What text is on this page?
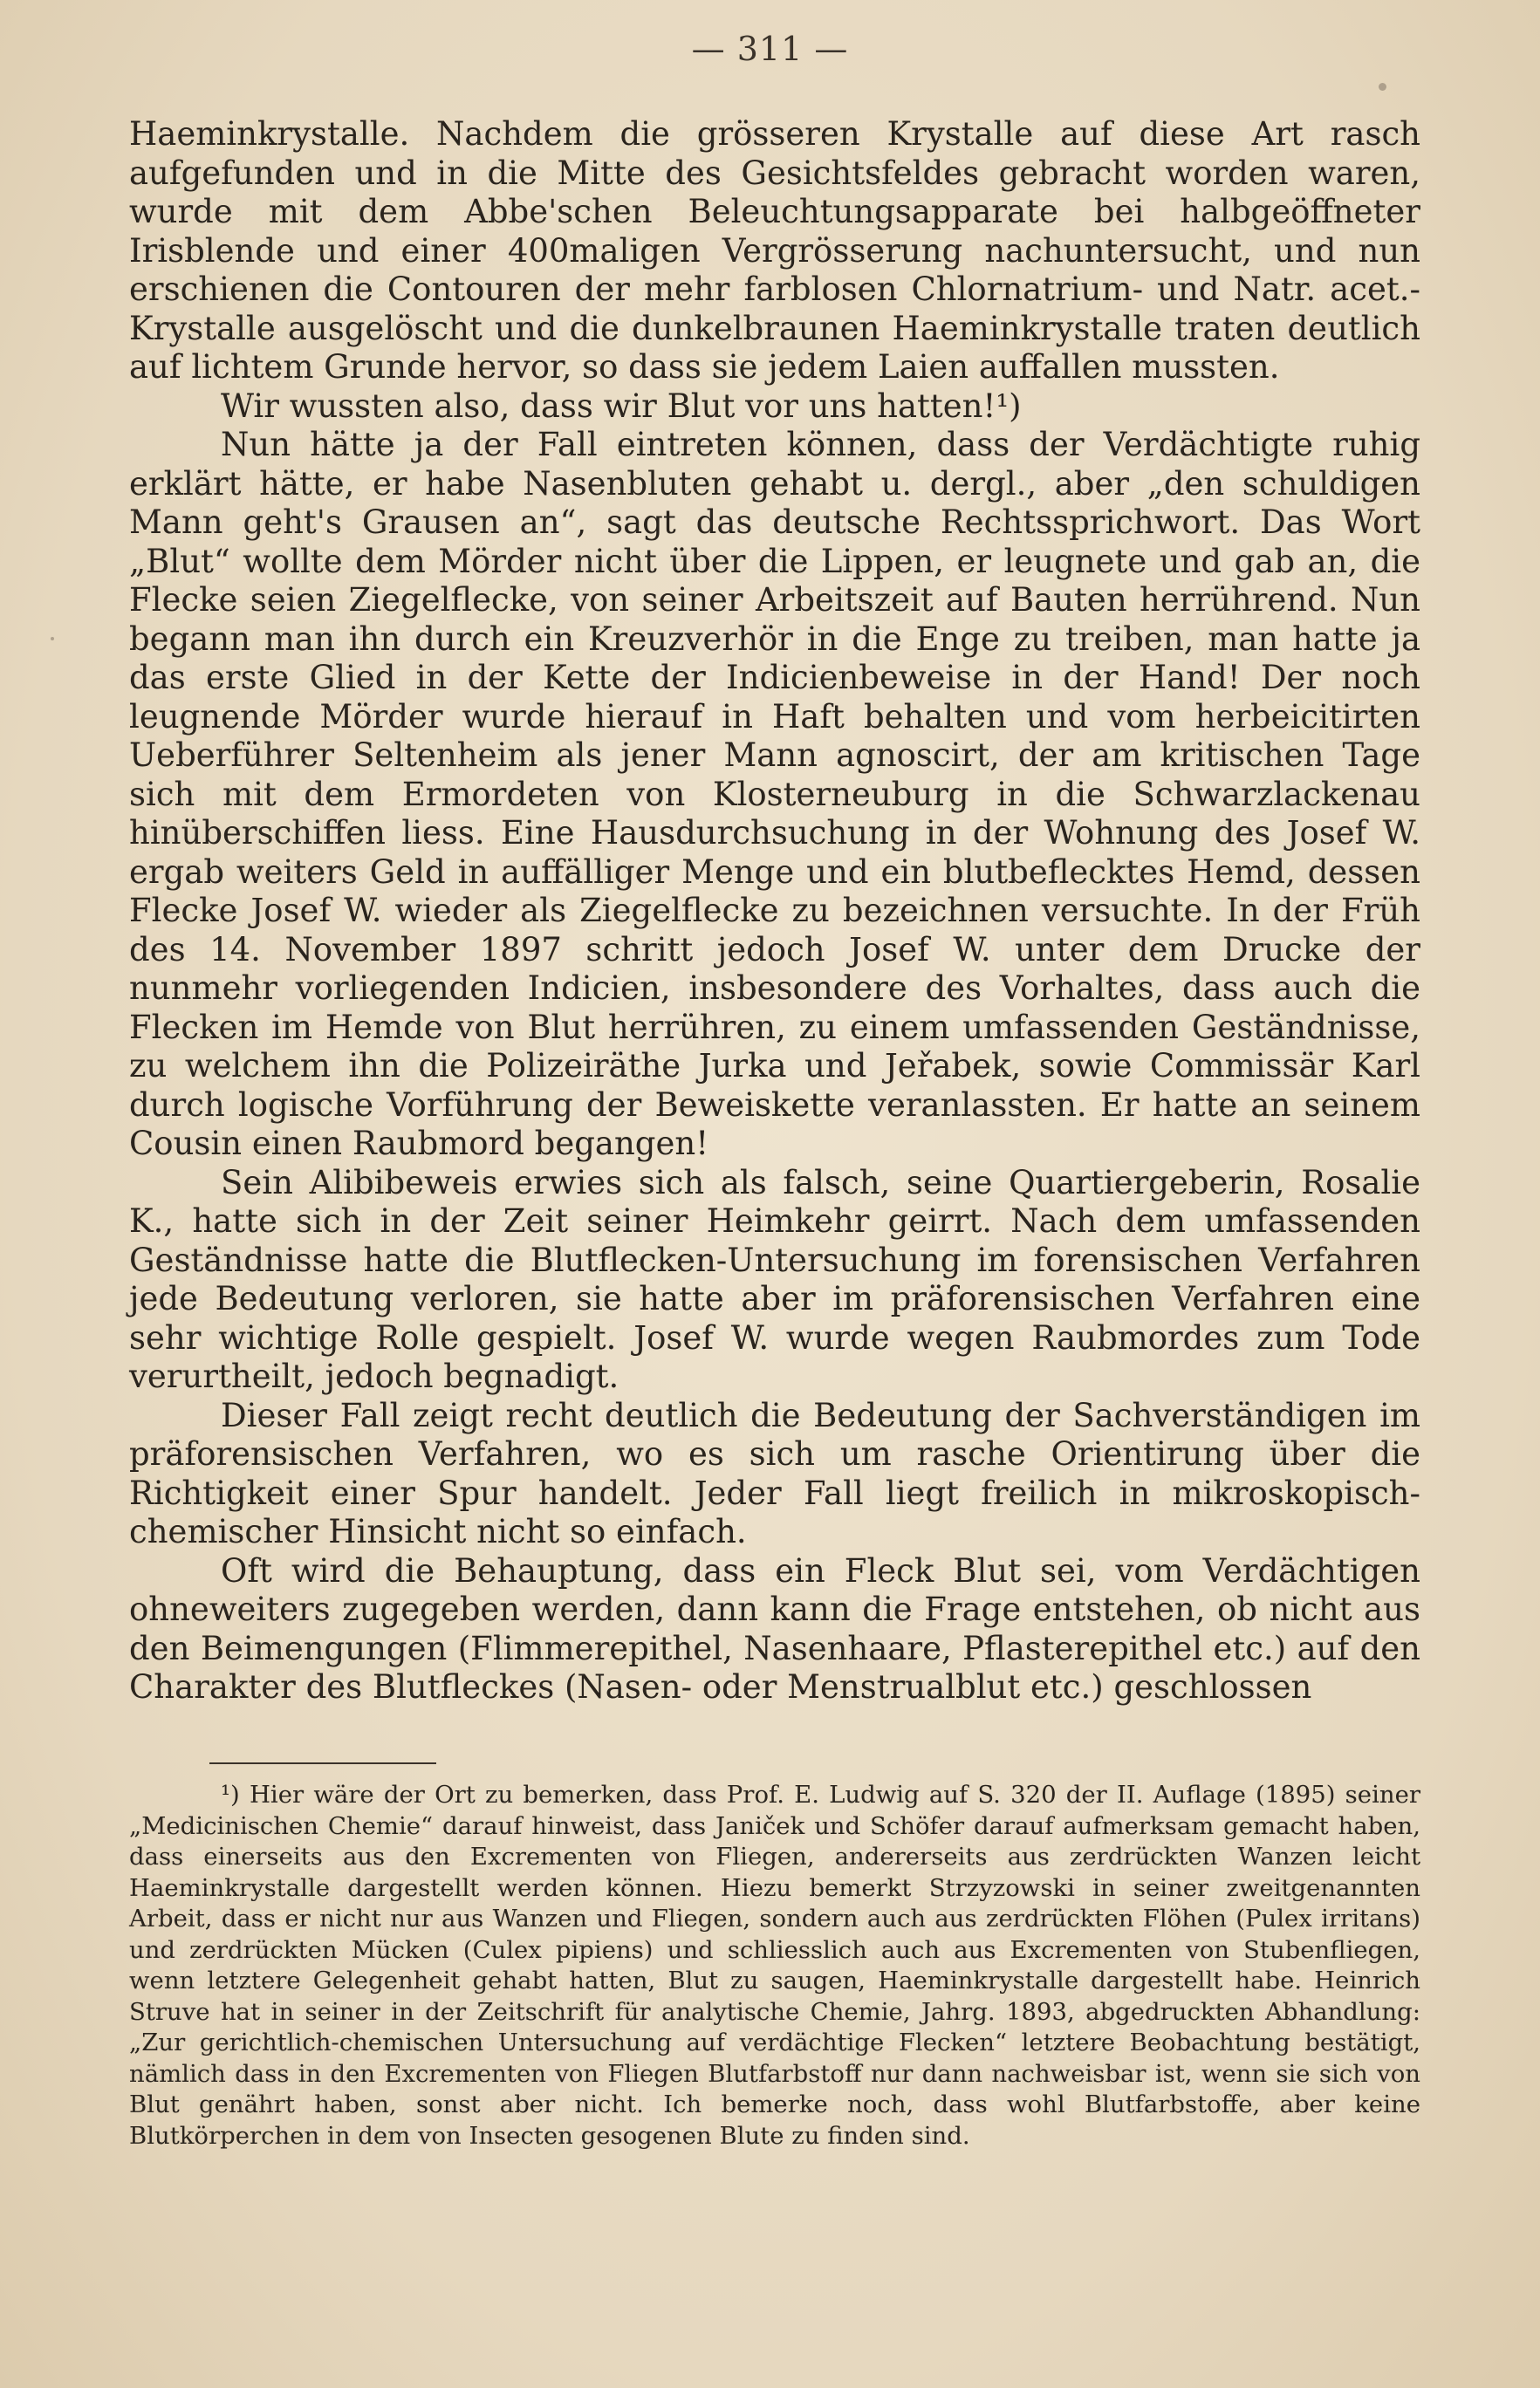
— 311 —

Haeminkrystalle. Nachdem die grösseren Krystalle auf diese Art rasch aufgefunden und in die Mitte des Gesichtsfeldes gebracht worden waren, wurde mit dem Abbe'schen Beleuchtungsapparate bei halbgeöffneter Irisblende und einer 400maligen Vergrösserung nachuntersucht, und nun erschienen die Contouren der mehr farblosen Chlornatrium- und Natr. acet.-Krystalle ausgelöscht und die dunkelbraunen Haeminkrystalle traten deutlich auf lichtem Grunde hervor, so dass sie jedem Laien auffallen mussten.

Wir wussten also, dass wir Blut vor uns hatten!¹)

Nun hätte ja der Fall eintreten können, dass der Verdächtigte ruhig erklärt hätte, er habe Nasenbluten gehabt u. dergl., aber „den schuldigen Mann geht's Grausen an“, sagt das deutsche Rechtssprichwort. Das Wort „Blut“ wollte dem Mörder nicht über die Lippen, er leugnete und gab an, die Flecke seien Ziegelflecke, von seiner Arbeitszeit auf Bauten herrührend. Nun begann man ihn durch ein Kreuzverhör in die Enge zu treiben, man hatte ja das erste Glied in der Kette der Indicienbeweise in der Hand! Der noch leugnende Mörder wurde hierauf in Haft behalten und vom herbeicitirten Ueberführer Seltenheim als jener Mann agnoscirt, der am kritischen Tage sich mit dem Ermordeten von Klosterneuburg in die Schwarzlackenau hinüberschiffen liess. Eine Hausdurchsuchung in der Wohnung des Josef W. ergab weiters Geld in auffälliger Menge und ein blutbeflecktes Hemd, dessen Flecke Josef W. wieder als Ziegelflecke zu bezeichnen versuchte. In der Früh des 14. November 1897 schritt jedoch Josef W. unter dem Drucke der nunmehr vorliegenden Indicien, insbesondere des Vorhaltes, dass auch die Flecken im Hemde von Blut herrühren, zu einem umfassenden Geständnisse, zu welchem ihn die Polizeiräthe Jurka und Jeřabek, sowie Commissär Karl durch logische Vorführung der Beweiskette veranlassten. Er hatte an seinem Cousin einen Raubmord begangen!

Sein Alibibeweis erwies sich als falsch, seine Quartiergeberin, Rosalie K., hatte sich in der Zeit seiner Heimkehr geirrt. Nach dem umfassenden Geständnisse hatte die Blutflecken-Untersuchung im forensischen Verfahren jede Bedeutung verloren, sie hatte aber im präforensischen Verfahren eine sehr wichtige Rolle gespielt. Josef W. wurde wegen Raubmordes zum Tode verurtheilt, jedoch begnadigt.

Dieser Fall zeigt recht deutlich die Bedeutung der Sachverständigen im präforensischen Verfahren, wo es sich um rasche Orientirung über die Richtigkeit einer Spur handelt. Jeder Fall liegt freilich in mikroskopisch-chemischer Hinsicht nicht so einfach.

Oft wird die Behauptung, dass ein Fleck Blut sei, vom Verdächtigen ohneweiters zugegeben werden, dann kann die Frage entstehen, ob nicht aus den Beimengungen (Flimmerepithel, Nasenhaare, Pflasterepithel etc.) auf den Charakter des Blutfleckes (Nasen- oder Menstrualblut etc.) geschlossen

¹) Hier wäre der Ort zu bemerken, dass Prof. E. Ludwig auf S. 320 der II. Auflage (1895) seiner „Medicinischen Chemie“ darauf hinweist, dass Janiček und Schöfer darauf aufmerksam gemacht haben, dass einerseits aus den Excrementen von Fliegen, andererseits aus zerdrückten Wanzen leicht Haeminkrystalle dargestellt werden können. Hiezu bemerkt Strzyzowski in seiner zweitgenannten Arbeit, dass er nicht nur aus Wanzen und Fliegen, sondern auch aus zerdrückten Flöhen (Pulex irritans) und zerdrückten Mücken (Culex pipiens) und schliesslich auch aus Excrementen von Stubenfliegen, wenn letztere Gelegenheit gehabt hatten, Blut zu saugen, Haeminkrystalle dargestellt habe. Heinrich Struve hat in seiner in der Zeitschrift für analytische Chemie, Jahrg. 1893, abgedruckten Abhandlung: „Zur gerichtlich-chemischen Untersuchung auf verdächtige Flecken“ letztere Beobachtung bestätigt, nämlich dass in den Excrementen von Fliegen Blutfarbstoff nur dann nachweisbar ist, wenn sie sich von Blut genährt haben, sonst aber nicht. Ich bemerke noch, dass wohl Blutfarbstoffe, aber keine Blutkörperchen in dem von Insecten gesogenen Blute zu finden sind.
